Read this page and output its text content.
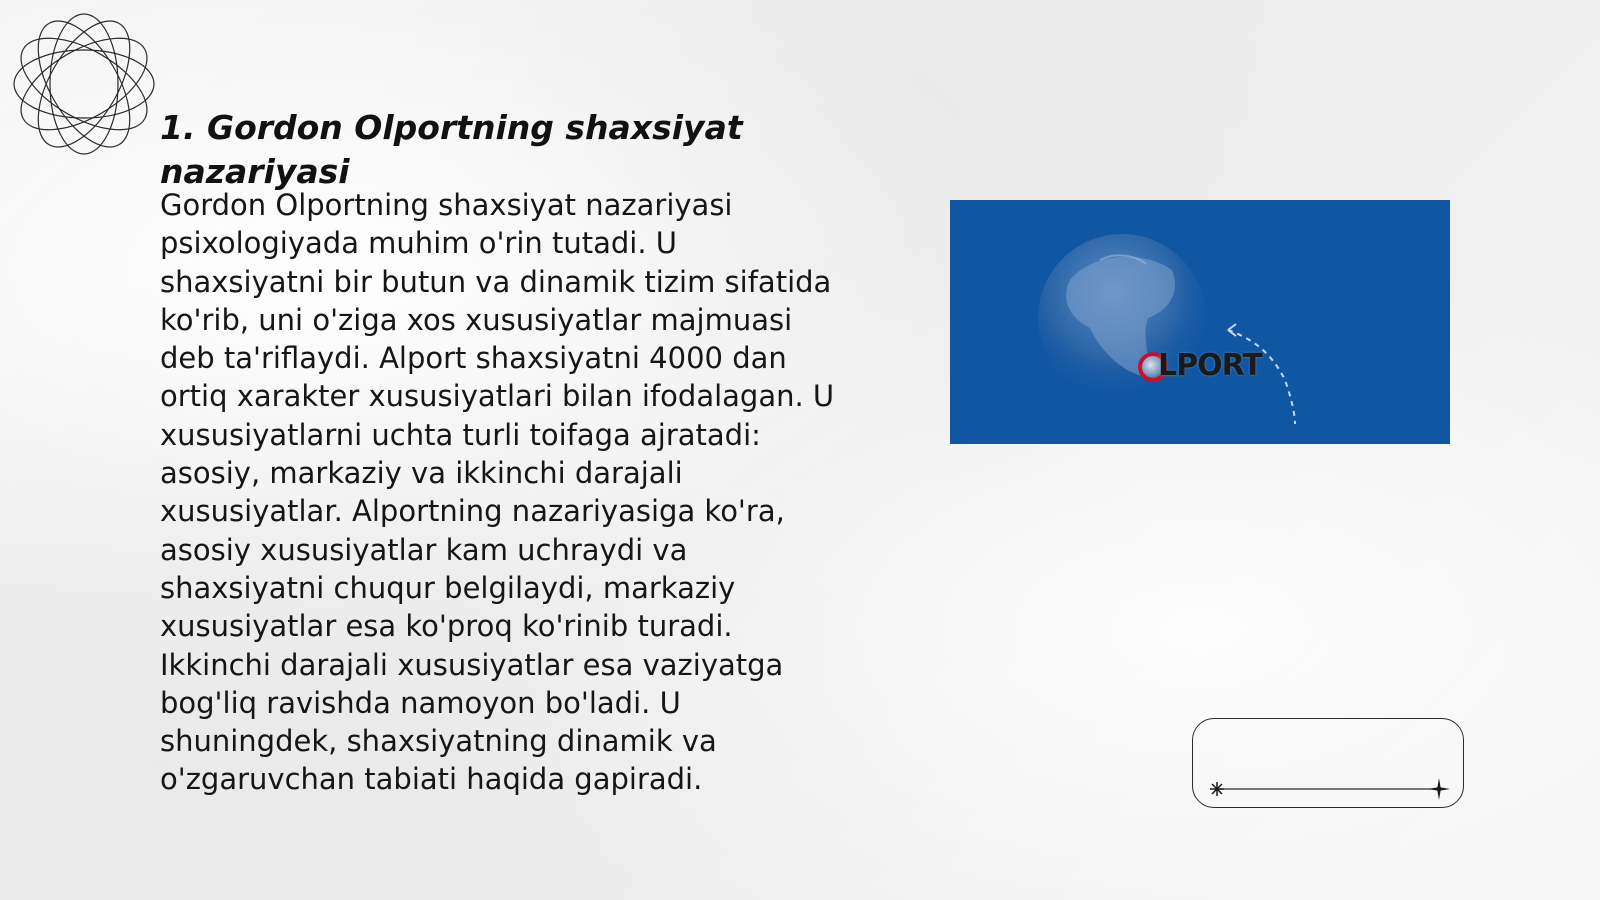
1. Gordon Olportning shaxsiyat nazariyasi

Gordon Olportning shaxsiyat nazariyasi psixologiyada muhim o'rin tutadi. U shaxsiyatni bir butun va dinamik tizim sifatida ko'rib, uni o'ziga xos xususiyatlar majmuasi deb ta'riflaydi. Alport shaxsiyatni 4000 dan ortiq xarakter xususiyatlari bilan ifodalagan. U xususiyatlarni uchta turli toifaga ajratadi: asosiy, markaziy va ikkinchi darajali xususiyatlar. Alportning nazariyasiga ko'ra, asosiy xususiyatlar kam uchraydi va shaxsiyatni chuqur belgilaydi, markaziy xususiyatlar esa ko'proq ko'rinib turadi. Ikkinchi darajali xususiyatlar esa vaziyatga bog'liq ravishda namoyon bo'ladi. U shuningdek, shaxsiyatning dinamik va o'zgaruvchan tabiati haqida gapiradi.

LPORT
